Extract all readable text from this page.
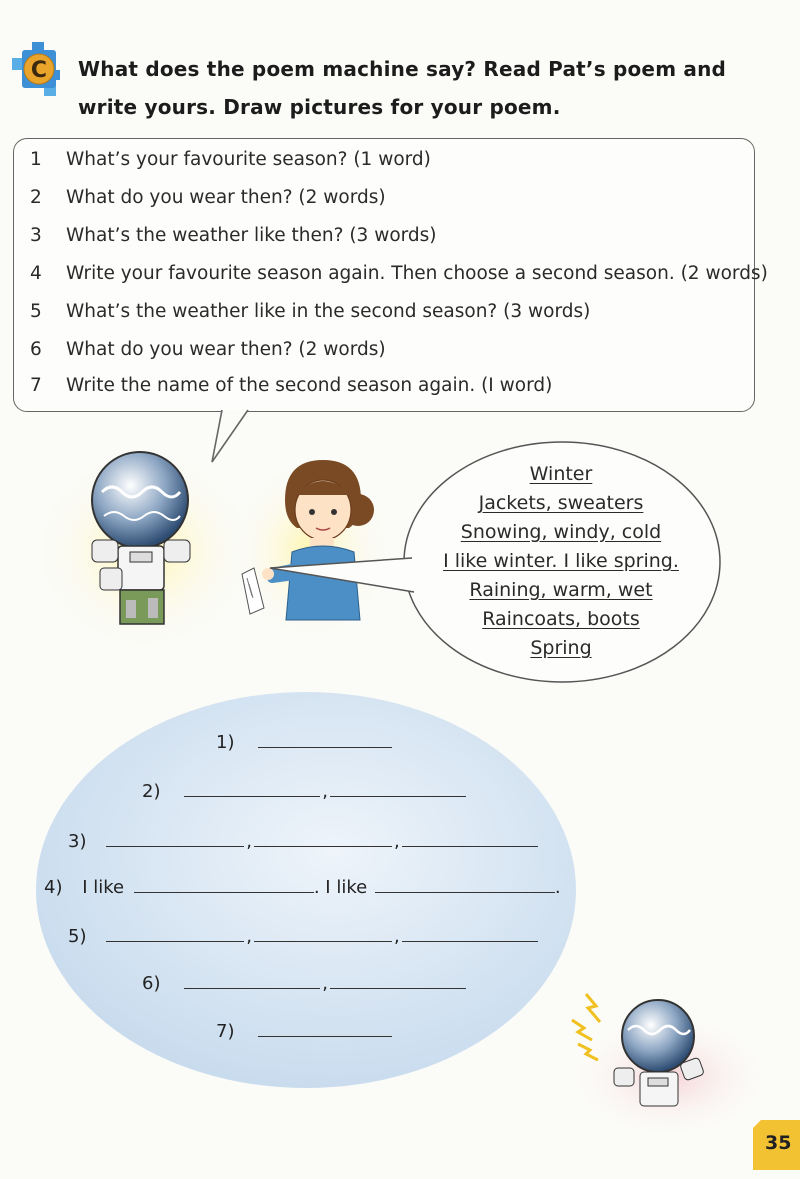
C What does the poem machine say? Read Pat’s poem and
write yours. Draw pictures for your poem.
1	What’s your favourite season? (1 word)
2	What do you wear then? (2 words)
3	What’s the weather like then? (3 words)
4	Write your favourite season again. Then choose a second season. (2 words)
5	What’s the weather like in the second season? (3 words)
6	What do you wear then? (2 words)
7	Write the name of the second season again. (I word)
Winter
Jackets, sweaters
Snowing, windy, cold
I like winter. I like spring.
Raining, warm, wet
Raincoats, boots
Spring
1)
2)	,
3)	,	,
4) I like	. I like	.
5)	,	,
6)	,
7)
35
